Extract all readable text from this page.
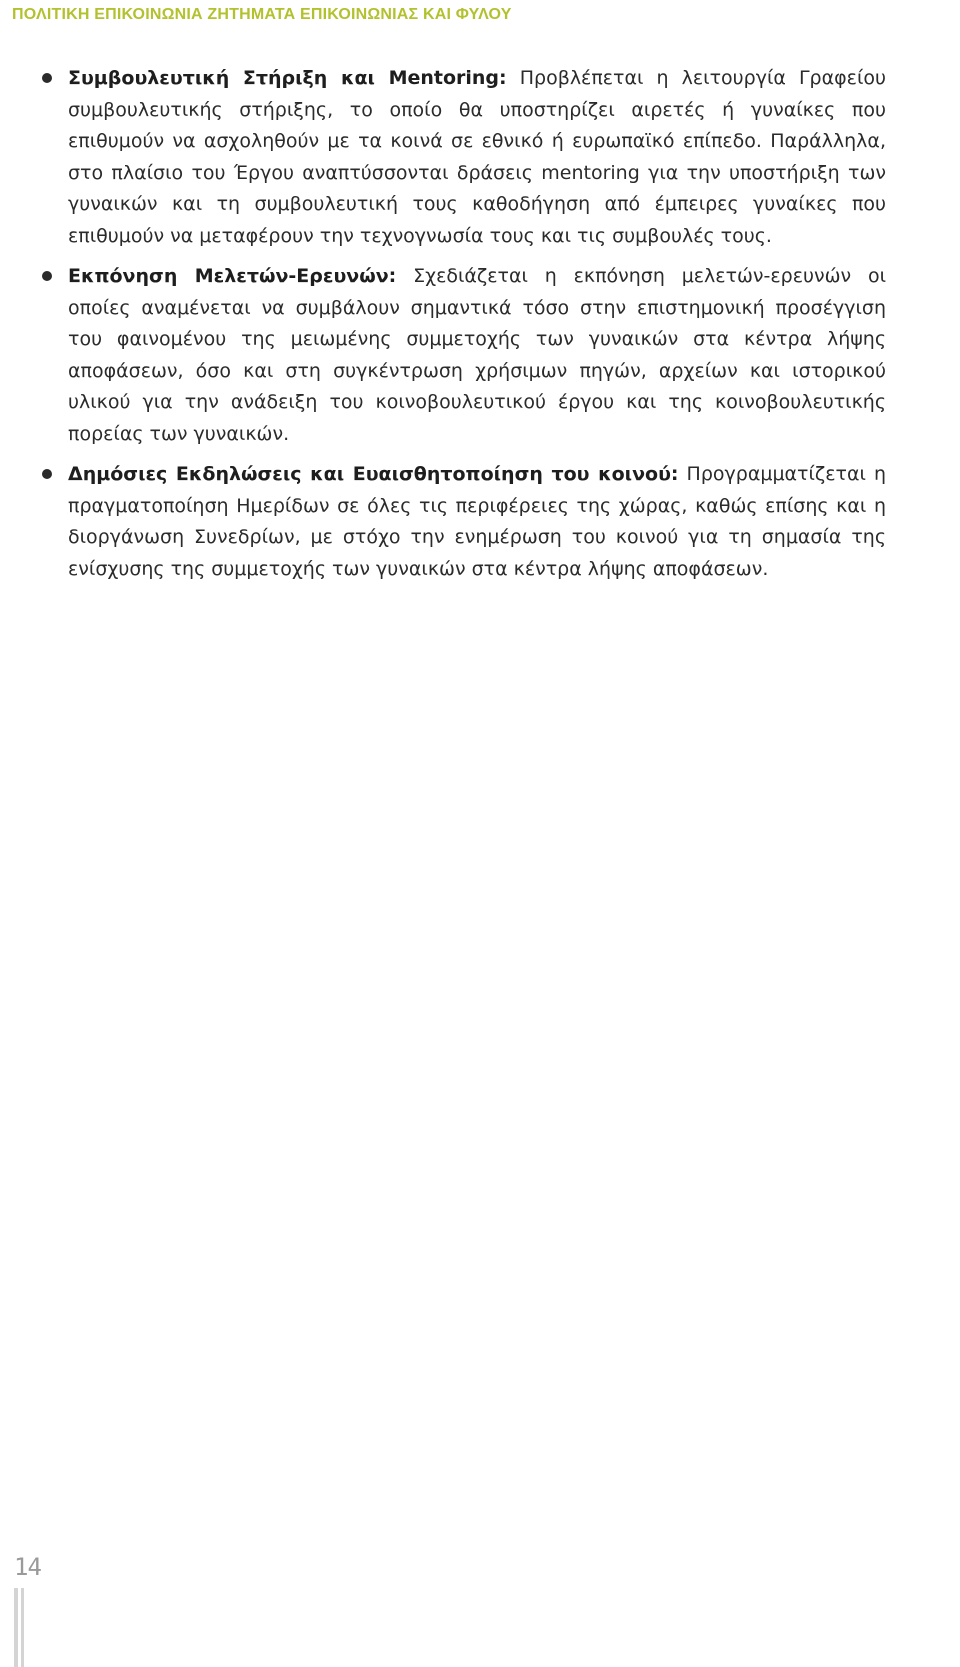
ΠΟΛΙΤΙΚΗ ΕΠΙΚΟΙΝΩΝΙΑ ΖΗΤΗΜΑΤΑ ΕΠΙΚΟΙΝΩΝΙΑΣ ΚΑΙ ΦΥΛΟΥ
Συμβουλευτική Στήριξη και Mentoring: Προβλέπεται η λειτουργία Γραφείου συμβουλευτικής στήριξης, το οποίο θα υποστηρίζει αιρετές ή γυναίκες που επιθυμούν να ασχοληθούν με τα κοινά σε εθνικό ή ευρωπαϊκό επίπεδο. Παράλληλα, στο πλαίσιο του Έργου αναπτύσσονται δράσεις mentoring για την υποστήριξη των γυναικών και τη συμβουλευτική τους καθοδήγηση από έμπειρες γυναίκες που επιθυμούν να μεταφέρουν την τεχνογνωσία τους και τις συμβουλές τους.
Εκπόνηση Μελετών-Ερευνών: Σχεδιάζεται η εκπόνηση μελετών-ερευνών οι οποίες αναμένεται να συμβάλουν σημαντικά τόσο στην επιστημονική προσέγγιση του φαινομένου της μειωμένης συμμετοχής των γυναικών στα κέντρα λήψης αποφάσεων, όσο και στη συγκέντρωση χρήσιμων πηγών, αρχείων και ιστορικού υλικού για την ανάδειξη του κοινοβουλευτικού έργου και της κοινοβουλευτικής πορείας των γυναικών.
Δημόσιες Εκδηλώσεις και Ευαισθητοποίηση του κοινού: Προγραμματίζεται η πραγματοποίηση Ημερίδων σε όλες τις περιφέρειες της χώρας, καθώς επίσης και η διοργάνωση Συνεδρίων, με στόχο την ενημέρωση του κοινού για τη σημασία της ενίσχυσης της συμμετοχής των γυναικών στα κέντρα λήψης αποφάσεων.
14
